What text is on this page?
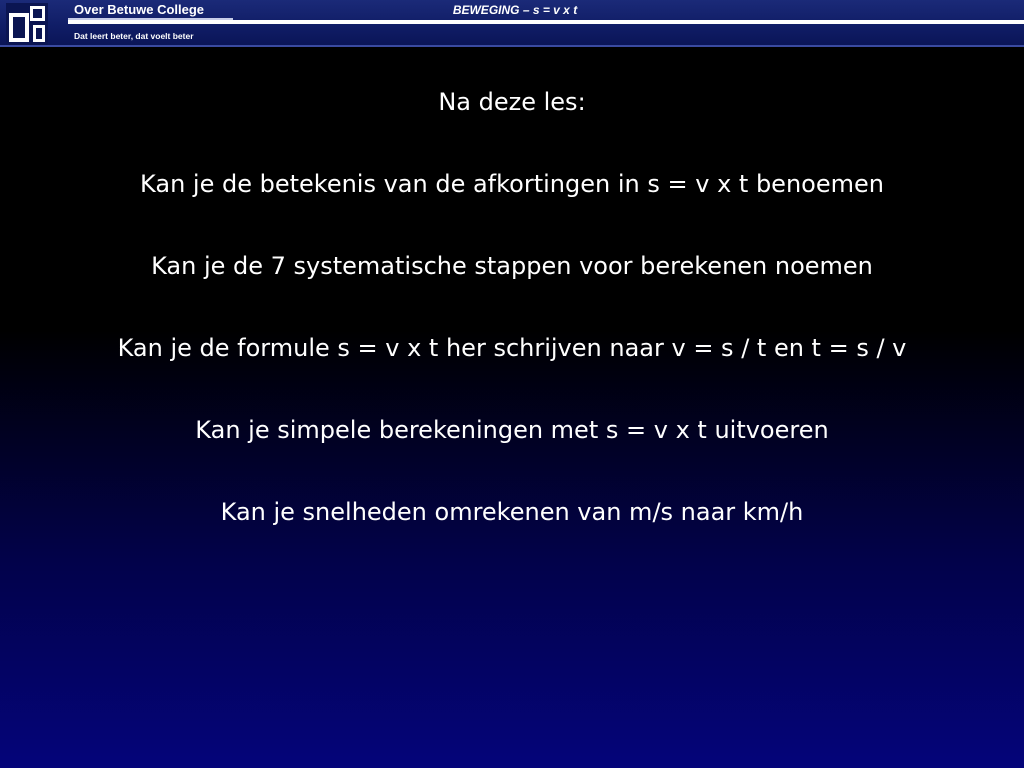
Over Betuwe College
Dat leert beter, dat voelt beter
BEWEGING – s = v x t
Na deze les:
Kan je de betekenis van de afkortingen in s = v x t benoemen
Kan je de 7 systematische stappen voor berekenen noemen
Kan je de formule s = v x t her schrijven naar v = s / t en t = s / v
Kan je simpele berekeningen met s = v x t uitvoeren
Kan je snelheden omrekenen van m/s naar km/h
